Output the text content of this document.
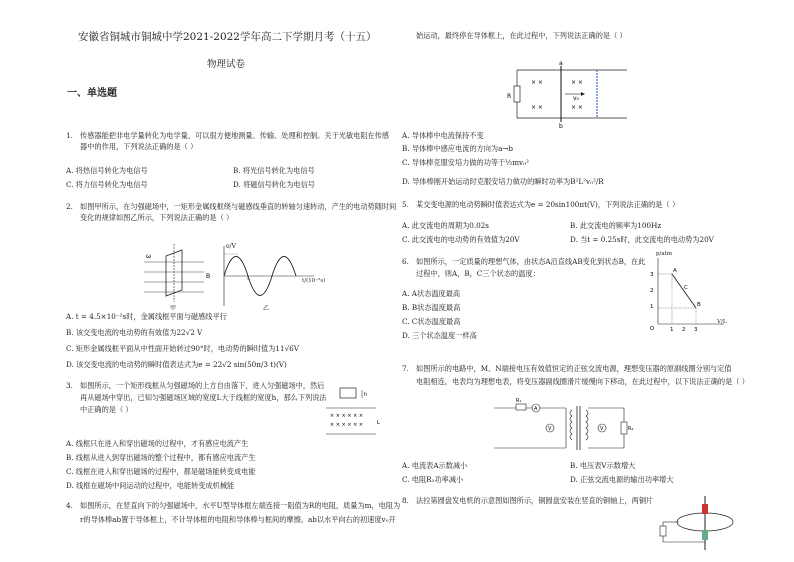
安徽省铜城市铜城中学2021-2022学年高二下学期月考（十五）
物理试卷
一、单选题
1.　传感器能把非电学量转化为电学量，可以很方便地测量、传输、处理和控制。关于光敏电阻在传感
器中的作用，下列说法正确的是（ ）
A. 将热信号转化为电信号	B. 将光信号转化为电信号
C. 将力信号转化为电信号	D. 将磁信号转化为电信号
2.　如图甲所示，在匀强磁场中，一矩形金属线框绕与磁感线垂直的转轴匀速转动，产生的电动势随时间
变化的规律如图乙所示，下列说法正确的是（ ）
B
ω
甲
e/V
t/(10⁻²s)
乙
A. t = 4.5×10⁻²s时，金属线框平面与磁感线平行
B. 该交变电流的电动势的有效值为22√2 V
C. 矩形金属线框平面从中性面开始转过90°时，电动势的瞬时值为11√6V
D. 该交变电流的电动势的瞬时值表达式为e = 22√2 sin(50π/3 t)(V)
3.　如图所示，一个矩形线框从匀强磁场的上方自由落下，进入匀强磁场中，然后
再从磁场中穿出，已知匀强磁场区域的宽度L大于线框的宽度h，那么下列说法
中正确的是（ ）
h
× × × × × ×
× × × × × ×	L
A. 线框只在进入和穿出磁场的过程中，才有感应电流产生
B. 线框从进入到穿出磁场的整个过程中，都有感应电流产生
C. 线框在进入和穿出磁场的过程中，都是磁场能转变成电能
D. 线框在磁场中间运动的过程中，电能转变成机械能
4.　如图所示，在竖直向下的匀强磁场中，水平U型导体框左端连接一阻值为R的电阻，质量为m，电阻为
r的导体棒ab置于导体框上，不计导体框的电阻和导体棒与框间的摩擦。ab以水平向右的初速度v₀开
始运动，最终停在导体框上，在此过程中，下列说法正确的是（ ）
R
a
b
× ×
× ×
× ×
× ×
v₀
A. 导体棒中电流保持不变
B. 导体棒中感应电流的方向为a→b
C. 导体棒克服安培力做的功等于½mv₀²
D. 导体棒刚开始运动时克服安培力做功的瞬时功率为B²L²v₀²/R
5.　某交变电源的电动势瞬时值表达式为e = 20sin100πt(V)，下列说法正确的是（ ）
A. 此交流电的周期为0.02s	B. 此交流电的频率为100Hz
C. 此交流电的电动势的有效值为20V	D. 当t = 0.25s时，此交流电的电动势为20V
6.　如图所示，一定质量的理想气体，由状态A沿直线AB变化到状态B，在此
过程中，则A，B，C三个状态的温度：
A. A状态温度最高
B. B状态温度最高
C. C状态温度最高
D. 三个状态温度一样高
3
2
1
O	1 2 3
A
C
B
p/atm
V/L
7.　如图所示的电路中，M、N端接电压有效值恒定的正弦交流电源，理想变压器的原副线圈分别与定值
电阻相连，电表均为理想电表，将变压器副线圈滑片缓慢向下移动，在此过程中，以下说法正确的是（ ）
R₁
A
V	V	R₂
A. 电流表A示数减小	B. 电压表V示数增大
C. 电阻R₁功率减小	D. 正弦交流电源的输出功率增大
8.　法拉第圆盘发电机的示意图如图所示，铜圆盘安装在竖直的铜轴上，两铜片
